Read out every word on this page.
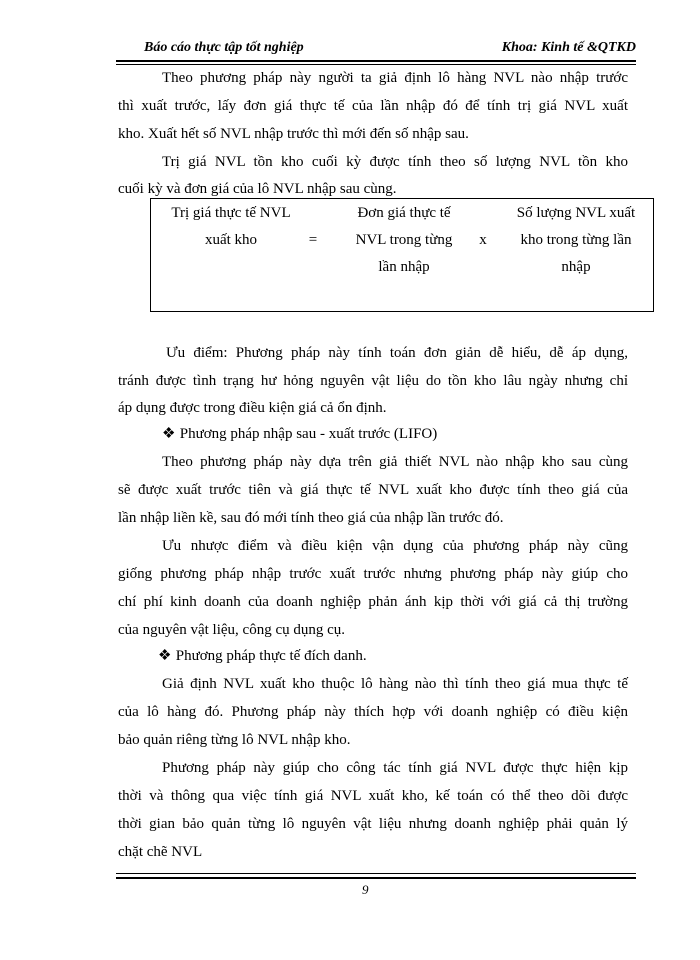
Báo cáo thực tập tốt nghiệp	Khoa: Kinh tế &QTKD
Theo phương pháp này người ta giả định lô hàng NVL nào nhập trước
thì xuất trước, lấy đơn giá thực tế của lần nhập đó để tính trị giá NVL xuất
kho. Xuất hết số NVL nhập trước thì mới đến số nhập sau.
Trị giá NVL tồn kho cuối kỳ được tính theo số lượng NVL tồn kho
cuối kỳ và đơn giá của lô NVL nhập sau cùng.
Trị giá thực tế NVL
xuất kho	=
Đơn giá thực tế
NVL trong từng
lần nhập
x
Số lượng NVL xuất
kho trong từng lần
nhập
Ưu điểm: Phương pháp này tính toán đơn giản dễ hiểu, dễ áp dụng,
tránh được tình trạng hư hỏng nguyên vật liệu do tồn kho lâu ngày nhưng chỉ
áp dụng được trong điều kiện giá cả ổn định.
❖ Phương pháp nhập sau - xuất trước (LIFO)
Theo phương pháp này dựa trên giả thiết NVL nào nhập kho sau cùng
sẽ được xuất trước tiên và giá thực tế NVL xuất kho được tính theo giá của
lần nhập liền kề, sau đó mới tính theo giá của nhập lần trước đó.
Ưu nhược điểm và điều kiện vận dụng của phương pháp này cũng
giống phương pháp nhập trước xuất trước nhưng phương pháp này giúp cho
chí phí kinh doanh của doanh nghiệp phản ánh kịp thời với giá cả thị trường
của nguyên vật liệu, công cụ dụng cụ.
❖ Phương pháp thực tế đích danh.
Giả định NVL xuất kho thuộc lô hàng nào thì tính theo giá mua thực tế
của lô hàng đó. Phương pháp này thích hợp với doanh nghiệp có điều kiện
bảo quản riêng từng lô NVL nhập kho.
Phương pháp này giúp cho công tác tính giá NVL được thực hiện kịp
thời và thông qua việc tính giá NVL xuất kho, kế toán có thể theo dõi được
thời gian bảo quản từng lô nguyên vật liệu nhưng doanh nghiệp phải quản lý
chặt chẽ NVL
9
